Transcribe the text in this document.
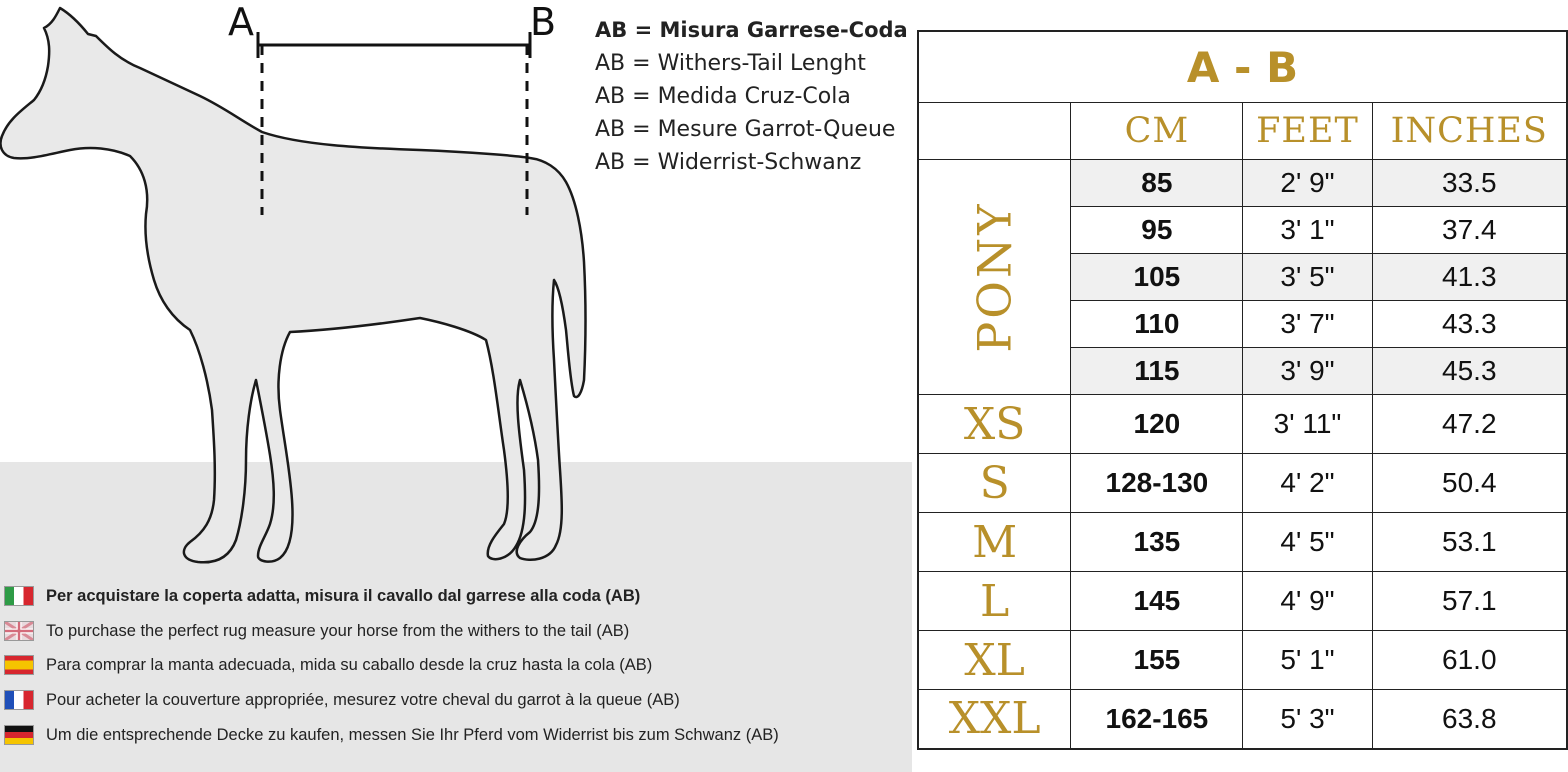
A	B AB = Misura Garrese-Coda
AB = Withers-Tail Lenght
AB = Medida Cruz-Cola
AB = Mesure Garrot-Queue
AB = Widerrist-Schwanz
Per acquistare la coperta adatta, misura il cavallo dal garrese alla coda (AB)
To purchase the perfect rug measure your horse from the withers to the tail (AB)
Para comprar la manta adecuada, mida su caballo desde la cruz hasta la cola (AB)
Pour acheter la couverture appropriée, mesurez votre cheval du garrot à la queue (AB)
Um die entsprechende Decke zu kaufen, messen Sie Ihr Pferd vom Widerrist bis zum Schwanz (AB)
A - B			
	CM	FEET	INCHES
PONY	85	2' 9"	33.5
	95	3' 1"	37.4
	105	3' 5"	41.3
	110	3' 7"	43.3
	115	3' 9"	45.3
XS	120	3' 11"	47.2
S	128-130	4' 2"	50.4
M	135	4' 5"	53.1
L	145	4' 9"	57.1
XL	155	5' 1"	61.0
XXL	162-165	5' 3"	63.8
